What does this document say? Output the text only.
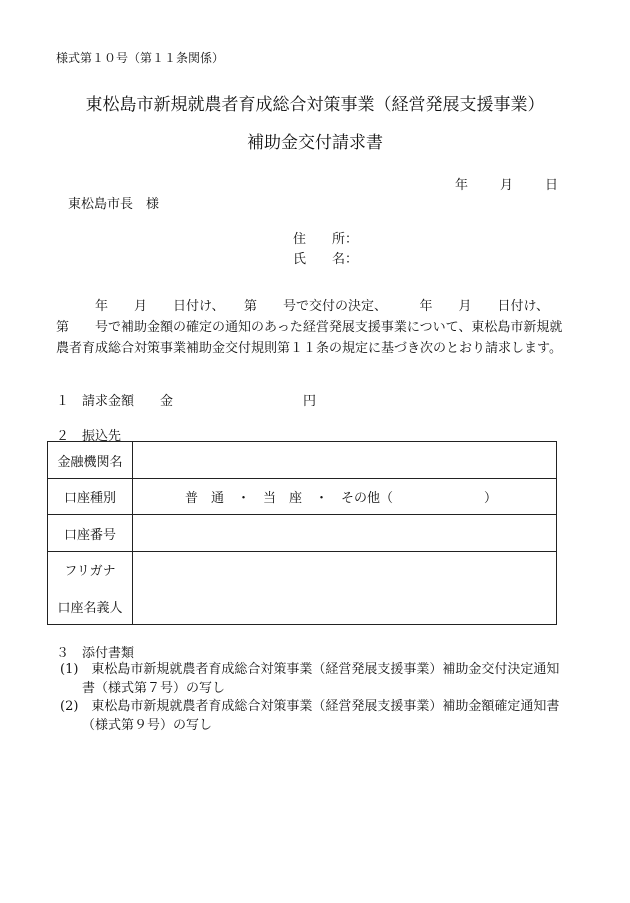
様式第１０号（第１１条関係）
東松島市新規就農者育成総合対策事業（経営発展支援事業）
補助金交付請求書
年 月 日
東松島市長　様
住　　所：
氏　　名：

　　　年　　月　　日付け、　　第　　号で交付の決定、　　　年　　月　　日付け、

第　　号で補助金額の確定の通知のあった経営発展支援事業について、東松島市新規就

農者育成総合対策事業補助金交付規則第１１条の規定に基づき次のとおり請求します。

１　請求金額　　金　　　　　　　　　　円
２　振込先
金融機関名	
口座種別	普　通　・　当　座　・　その他（　　　　　　　）
口座番号	

フリガナ
口座名義人	

３　添付書類
(1)　東松島市新規就農者育成総合対策事業（経営発展支援事業）補助金交付決定通知
書（様式第７号）の写し
(2)　東松島市新規就農者育成総合対策事業（経営発展支援事業）補助金額確定通知書
（様式第９号）の写し
